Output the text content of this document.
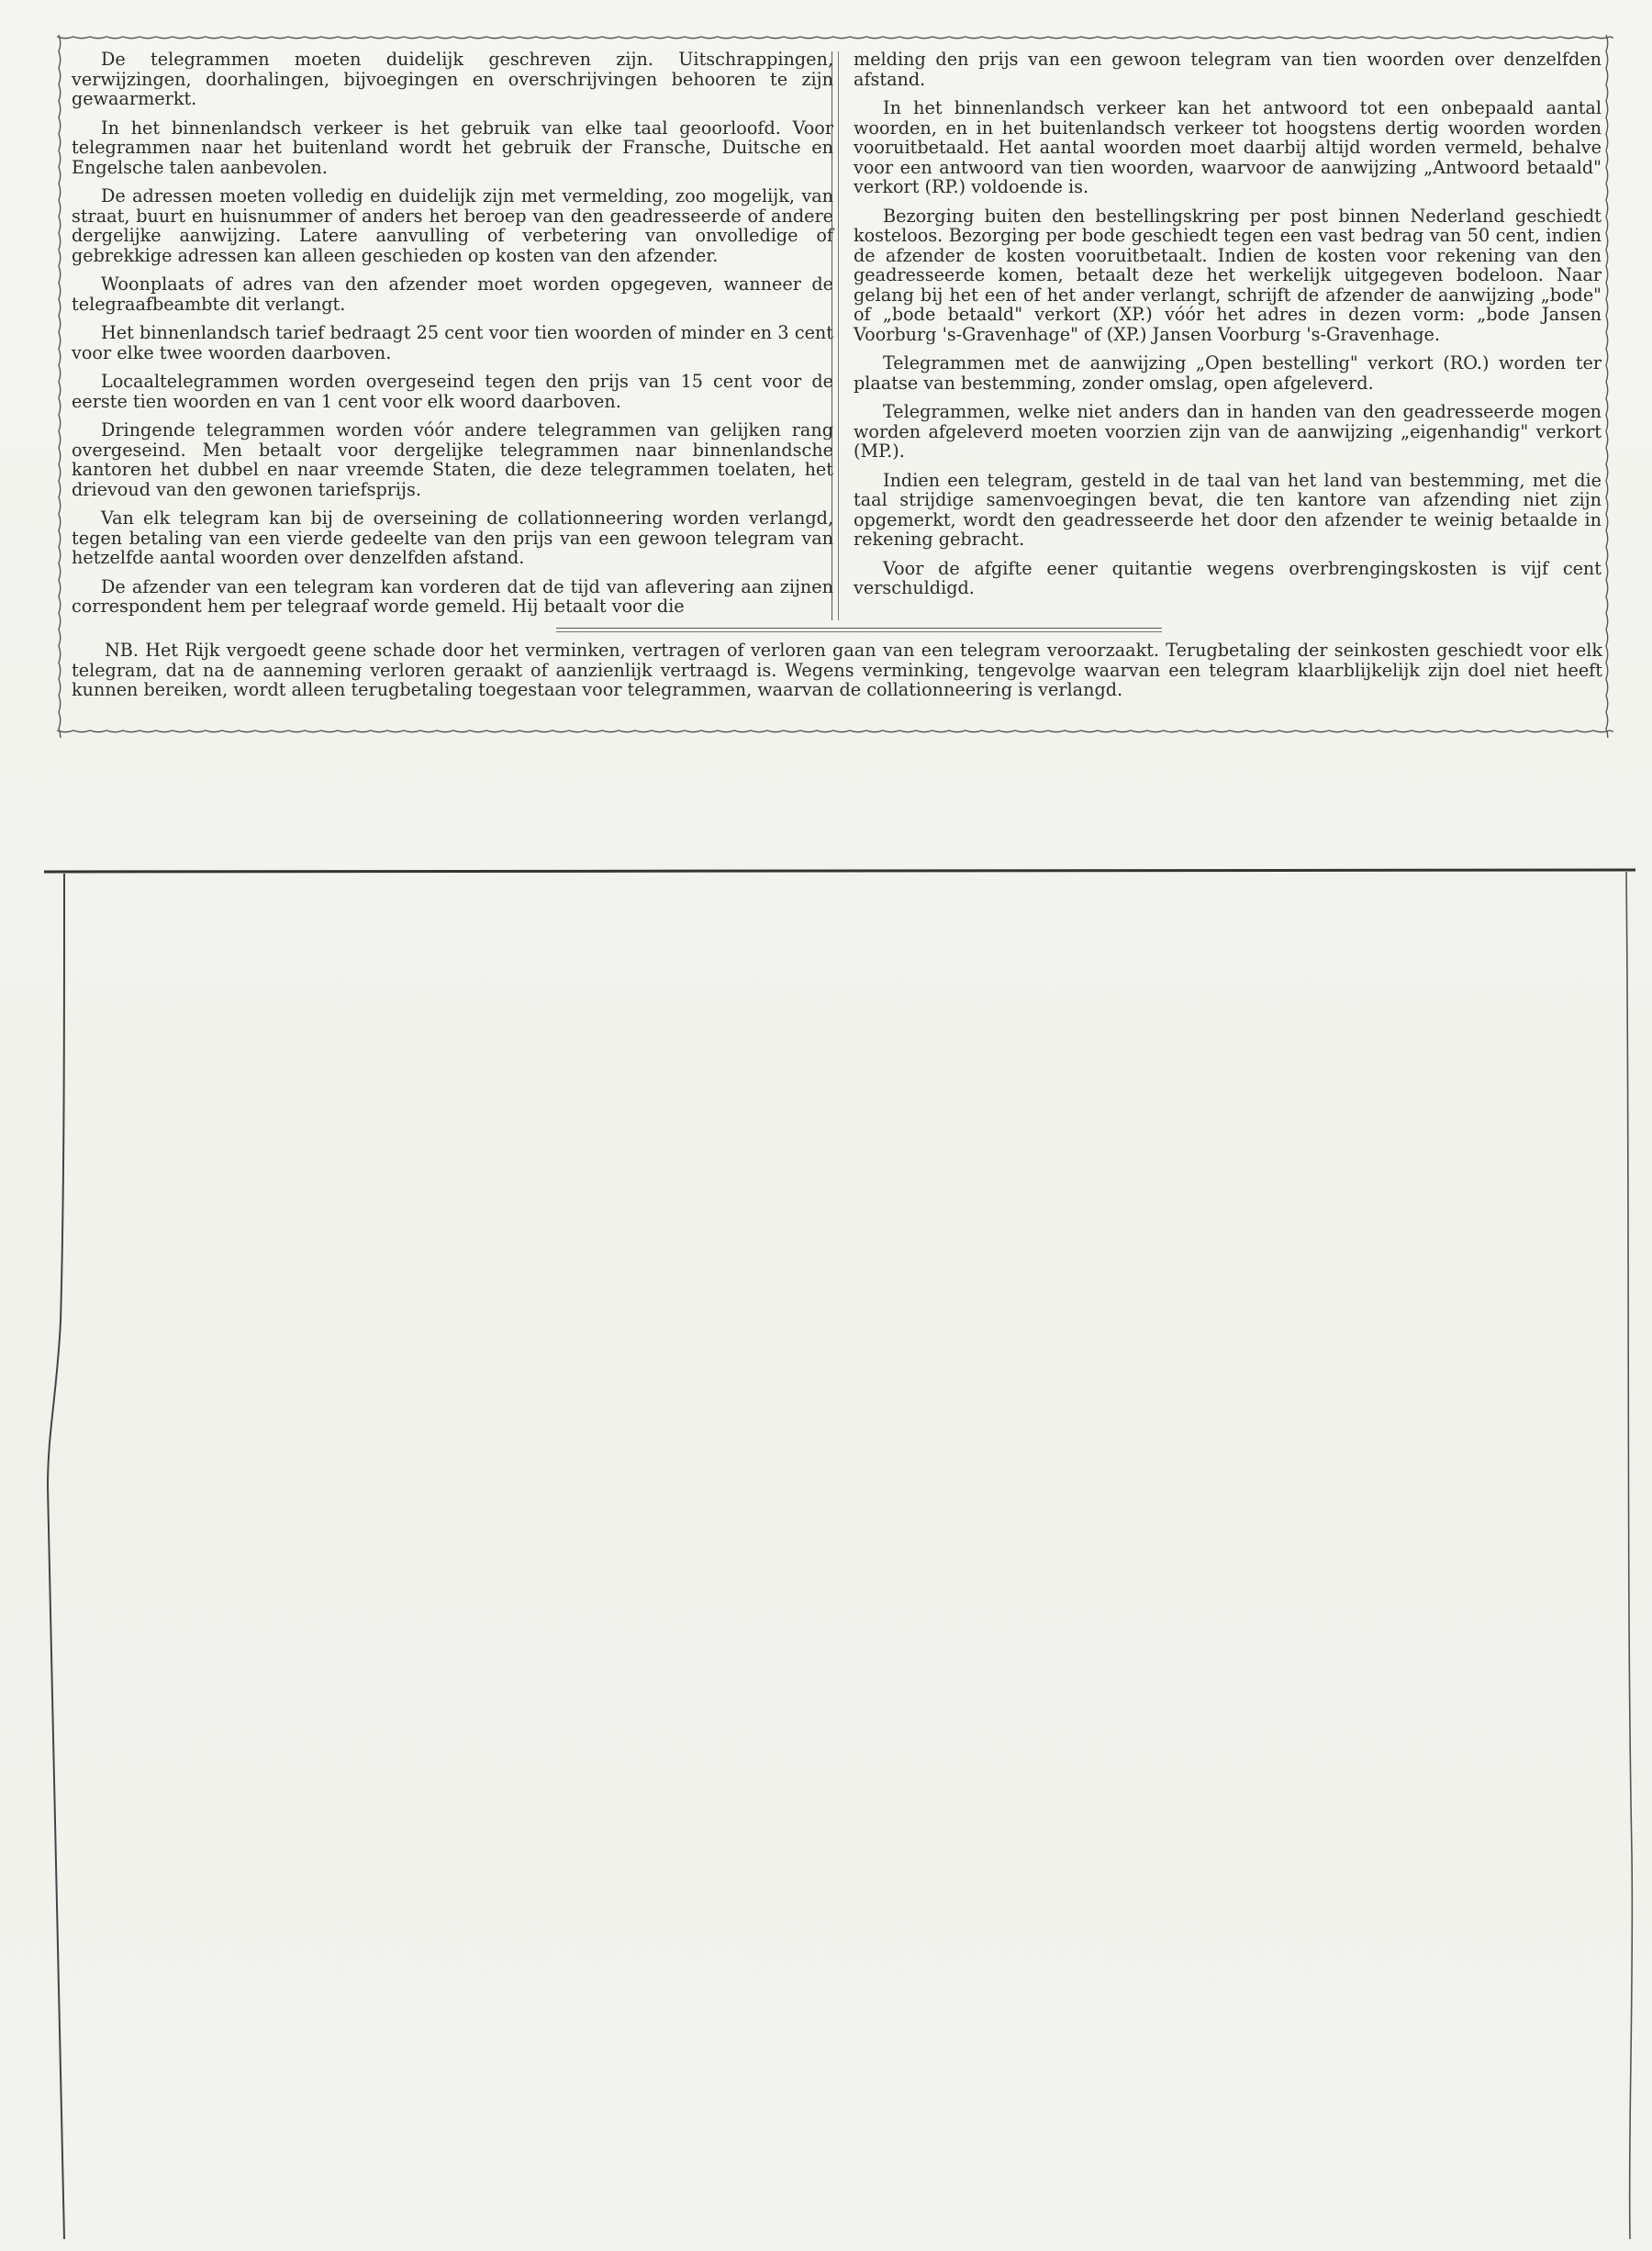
De telegrammen moeten duidelijk geschreven zijn. Uitschrappingen, verwijzingen, doorhalingen, bijvoegingen en overschrijvingen behooren te zijn gewaarmerkt.

In het binnenlandsch verkeer is het gebruik van elke taal geoorloofd. Voor telegrammen naar het buitenland wordt het gebruik der Fransche, Duitsche en Engelsche talen aanbevolen.

De adressen moeten volledig en duidelijk zijn met vermelding, zoo mogelijk, van straat, buurt en huisnummer of anders het beroep van den geadresseerde of andere dergelijke aanwijzing. Latere aanvulling of verbetering van onvolledige of gebrekkige adressen kan alleen geschieden op kosten van den afzender.

Woonplaats of adres van den afzender moet worden opgegeven, wanneer de telegraafbeambte dit verlangt.

Het binnenlandsch tarief bedraagt 25 cent voor tien woorden of minder en 3 cent voor elke twee woorden daarboven.

Locaaltelegrammen worden overgeseind tegen den prijs van 15 cent voor de eerste tien woorden en van 1 cent voor elk woord daarboven.

Dringende telegrammen worden vóór andere telegrammen van gelijken rang overgeseind. Men betaalt voor dergelijke telegrammen naar binnenlandsche kantoren het dubbel en naar vreemde Staten, die deze telegrammen toelaten, het drievoud van den gewonen tariefsprijs.

Van elk telegram kan bij de overseining de collationneering worden verlangd, tegen betaling van een vierde gedeelte van den prijs van een gewoon telegram van hetzelfde aantal woorden over denzelfden afstand.

De afzender van een telegram kan vorderen dat de tijd van aflevering aan zijnen correspondent hem per telegraaf worde gemeld. Hij betaalt voor die

melding den prijs van een gewoon telegram van tien woorden over denzelfden afstand.

In het binnenlandsch verkeer kan het antwoord tot een onbepaald aantal woorden, en in het buitenlandsch verkeer tot hoogstens dertig woorden worden vooruitbetaald. Het aantal woorden moet daarbij altijd worden vermeld, behalve voor een antwoord van tien woorden, waarvoor de aanwijzing „Antwoord betaald" verkort (RP.) voldoende is.

Bezorging buiten den bestellingskring per post binnen Nederland geschiedt kosteloos. Bezorging per bode geschiedt tegen een vast bedrag van 50 cent, indien de afzender de kosten vooruitbetaalt. Indien de kosten voor rekening van den geadresseerde komen, betaalt deze het werkelijk uitgegeven bodeloon. Naar gelang bij het een of het ander verlangt, schrijft de afzender de aanwijzing „bode" of „bode betaald" verkort (XP.) vóór het adres in dezen vorm: „bode Jansen Voorburg 's-Gravenhage" of (XP.) Jansen Voorburg 's-Gravenhage.

Telegrammen met de aanwijzing „Open bestelling" verkort (RO.) worden ter plaatse van bestemming, zonder omslag, open afgeleverd.

Telegrammen, welke niet anders dan in handen van den geadresseerde mogen worden afgeleverd moeten voorzien zijn van de aanwijzing „eigenhandig" verkort (MP.).

Indien een telegram, gesteld in de taal van het land van bestemming, met die taal strijdige samenvoegingen bevat, die ten kantore van afzending niet zijn opgemerkt, wordt den geadresseerde het door den afzender te weinig betaalde in rekening gebracht.

Voor de afgifte eener quitantie wegens overbrengingskosten is vijf cent verschuldigd.

NB. Het Rijk vergoedt geene schade door het verminken, vertragen of verloren gaan van een telegram veroorzaakt. Terugbetaling der seinkosten geschiedt voor elk telegram, dat na de aanneming verloren geraakt of aanzienlijk vertraagd is. Wegens verminking, tengevolge waarvan een telegram klaarblijkelijk zijn doel niet heeft kunnen bereiken, wordt alleen terugbetaling toegestaan voor telegrammen, waarvan de collationneering is verlangd.
